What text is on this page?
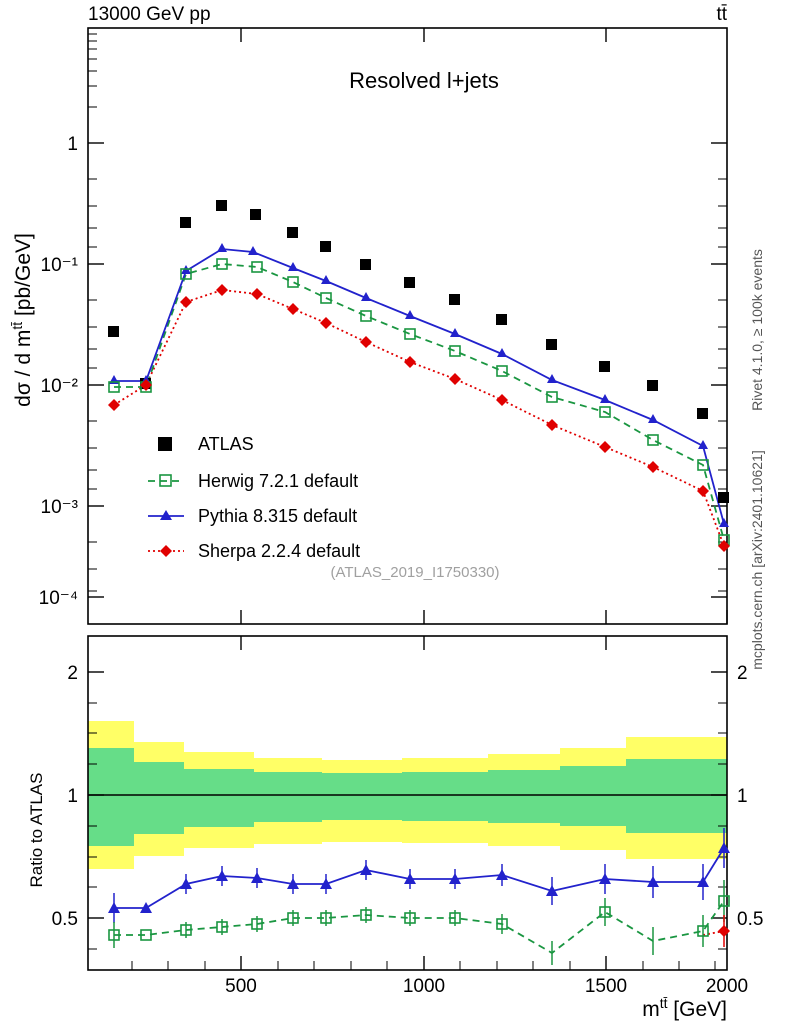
13000 GeV pp	tt̄
Rivet 4.1.0, ≥ 100k events
mcplots.cern.ch [arXiv:2401.10621]
1
10⁻¹
10⁻²
10⁻³
10⁻⁴
dσ / d $m^{tt̄}$ [pb/GeV]
Resolved l+jets
ATLAS
Herwig 7.2.1 default
Pythia 8.315 default
Sherpa 2.2.4 default
(ATLAS_2019_I1750330)
2
1
0.5
2
1
0.5
Ratio to ATLAS
500	1000	1500	2000
$m^{tt̄}$ [GeV]
